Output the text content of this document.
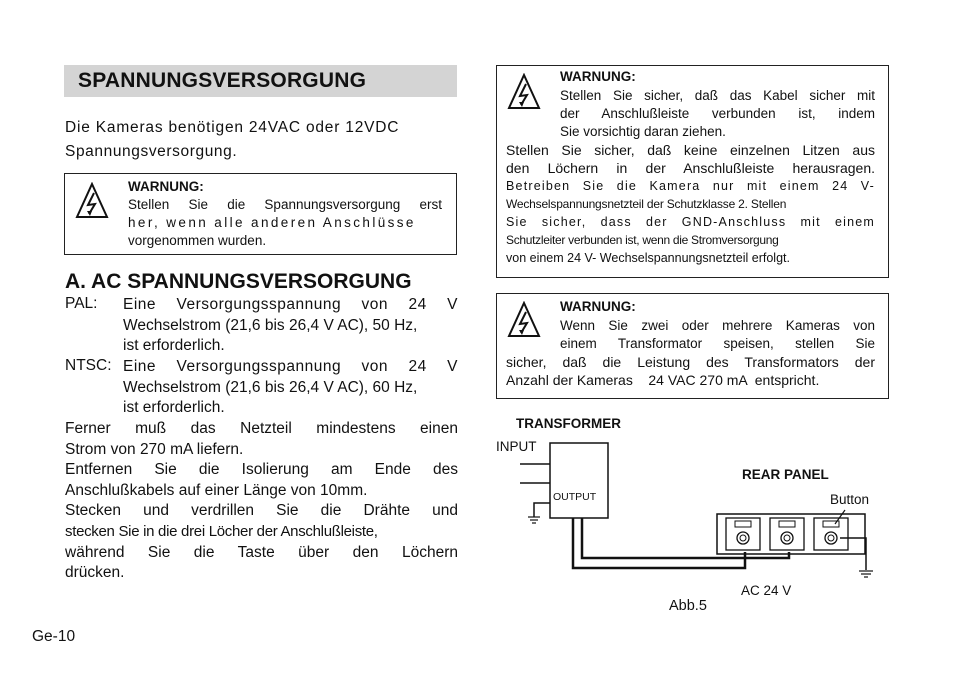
SPANNUNGSVERSORGUNG

Die Kameras benötigen 24VAC oder 12VDC

Spannungsversorgung.

WARNUNG:
Stellen Sie die Spannungsversorgung erst
her, wenn alle anderen Anschlüsse
vorgenommen wurden.
A. AC SPANNUNGSVERSORGUNG
PAL: Eine Versorgungsspannung von 24 V
Wechselstrom (21,6 bis 26,4 V AC), 50 Hz,
ist erforderlich.
NTSC: Eine Versorgungsspannung von 24 V
Wechselstrom (21,6 bis 26,4 V AC), 60 Hz,
ist erforderlich.
Ferner muß das Netzteil mindestens einen
Strom von 270 mA liefern.
Entfernen Sie die Isolierung am Ende des
Anschlußkabels auf einer Länge von 10mm.
Stecken und verdrillen Sie die Drähte und
stecken Sie in die drei Löcher der Anschlußleiste,
während Sie die Taste über den Löchern
drücken.
WARNUNG:
Stellen Sie sicher, daß das Kabel sicher mit
der Anschlußleiste verbunden ist, indem
Sie vorsichtig daran ziehen.
Stellen Sie sicher, daß keine einzelnen Litzen aus
den Löchern in der Anschlußleiste herausragen.
Betreiben Sie die Kamera nur mit einem 24 V-
Wechselspannungsnetzteil der Schutzklasse 2. Stellen
Sie sicher, dass der GND-Anschluss mit einem
Schutzleiter verbunden ist, wenn die Stromversorgung
von einem 24 V- Wechselspannungsnetzteil erfolgt.
WARNUNG:
Wenn Sie zwei oder mehrere Kameras von
einem Transformator speisen, stellen Sie
sicher, daß die Leistung des Transformators der
Anzahl der Kameras    24 VAC 270 mA  entspricht.
TRANSFORMER
INPUT
REAR PANEL
Button
AC 24 V
Abb.5
OUTPUT
Ge-10
